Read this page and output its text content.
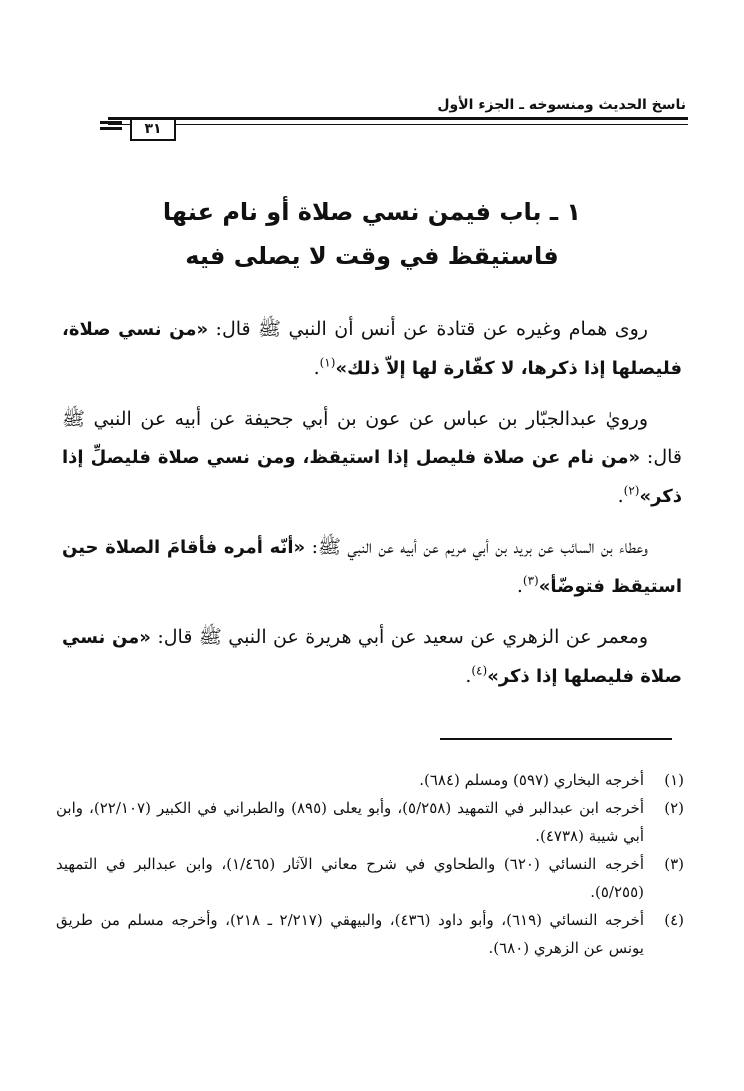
ناسخ الحديث ومنسوخه ـ الجزء الأول
٣١
١ ـ باب فيمن نسي صلاة أو نام عنها
فاستيقظ في وقت لا يصلى فيه

روى همام وغيره عن قتادة عن أنس أن النبي ﷺ قال: «من نسي صلاة، فليصلها إذا ذكرها، لا كفّارة لها إلاّ ذلك»$^{(١)}$.

ورويٰ عبدالجبّار بن عباس عن عون بن أبي جحيفة عن أبيه عن النبي ﷺ قال: «من نام عن صلاة فليصل إذا استيقظ، ومن نسي صلاة فليصلِّ إذا ذكر»$^{(٢)}$.

وعطاء بن السائب عن بريد بن أبي مريم عن أبيه عن النبي ﷺ: «أنّه أمره فأقامَ الصلاة حين استيقظ فتوضّأ»$^{(٣)}$.

ومعمر عن الزهري عن سعيد عن أبي هريرة عن النبي ﷺ قال: «من نسي صلاة فليصلها إذا ذكر»$^{(٤)}$.

(١)
أخرجه البخاري (٥٩٧) ومسلم (٦٨٤).
(٢)
أخرجه ابن عبدالبر في التمهيد (٥/٢٥٨)، وأبو يعلى (٨٩٥) والطبراني في الكبير (٢٢/١٠٧)، وابن أبي شيبة (٤٧٣٨).
(٣)
أخرجه النسائي (٦٢٠) والطحاوي في شرح معاني الآثار (١/٤٦٥)، وابن عبدالبر في التمهيد (٥/٢٥٥).
(٤)
أخرجه النسائي (٦١٩)، وأبو داود (٤٣٦)، والبيهقي (٢/٢١٧ ـ ٢١٨)، وأخرجه مسلم من طريق يونس عن الزهري (٦٨٠).
